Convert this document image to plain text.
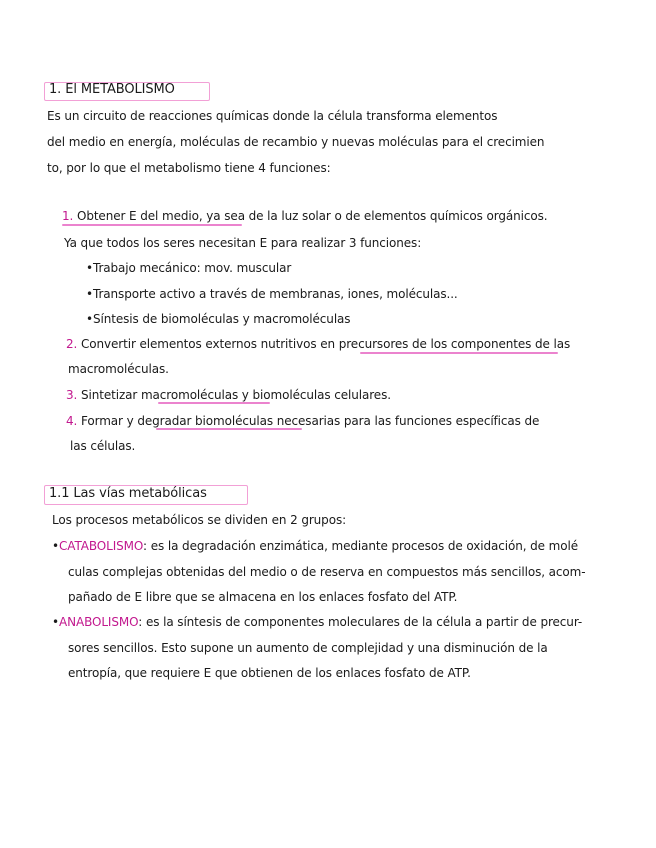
1. El METABOLISMO
Es un circuito de reacciones químicas donde la célula transforma elementos
del medio en energía, moléculas de recambio y nuevas moléculas para el crecimien
to, por lo que el metabolismo tiene 4 funciones:
1. Obtener E del medio, ya sea de la luz solar o de elementos químicos orgánicos.
Ya que todos los seres necesitan E para realizar 3 funciones:
•Trabajo mecánico: mov. muscular
•Transporte activo a través de membranas, iones, moléculas...
•Síntesis de biomoléculas y macromoléculas
2. Convertir elementos externos nutritivos en precursores de los componentes de las
macromoléculas.
3. Sintetizar macromoléculas y biomoléculas celulares.
4. Formar y degradar biomoléculas necesarias para las funciones específicas de
las células.
1.1 Las vías metabólicas
Los procesos metabólicos se dividen en 2 grupos:
•CATABOLISMO: es la degradación enzimática, mediante procesos de oxidación, de molé
culas complejas obtenidas del medio o de reserva en compuestos más sencillos, acom-
pañado de E libre que se almacena en los enlaces fosfato del ATP.
•ANABOLISMO: es la síntesis de componentes moleculares de la célula a partir de precur-
sores sencillos. Esto supone un aumento de complejidad y una disminución de la
entropía, que requiere E que obtienen de los enlaces fosfato de ATP.
